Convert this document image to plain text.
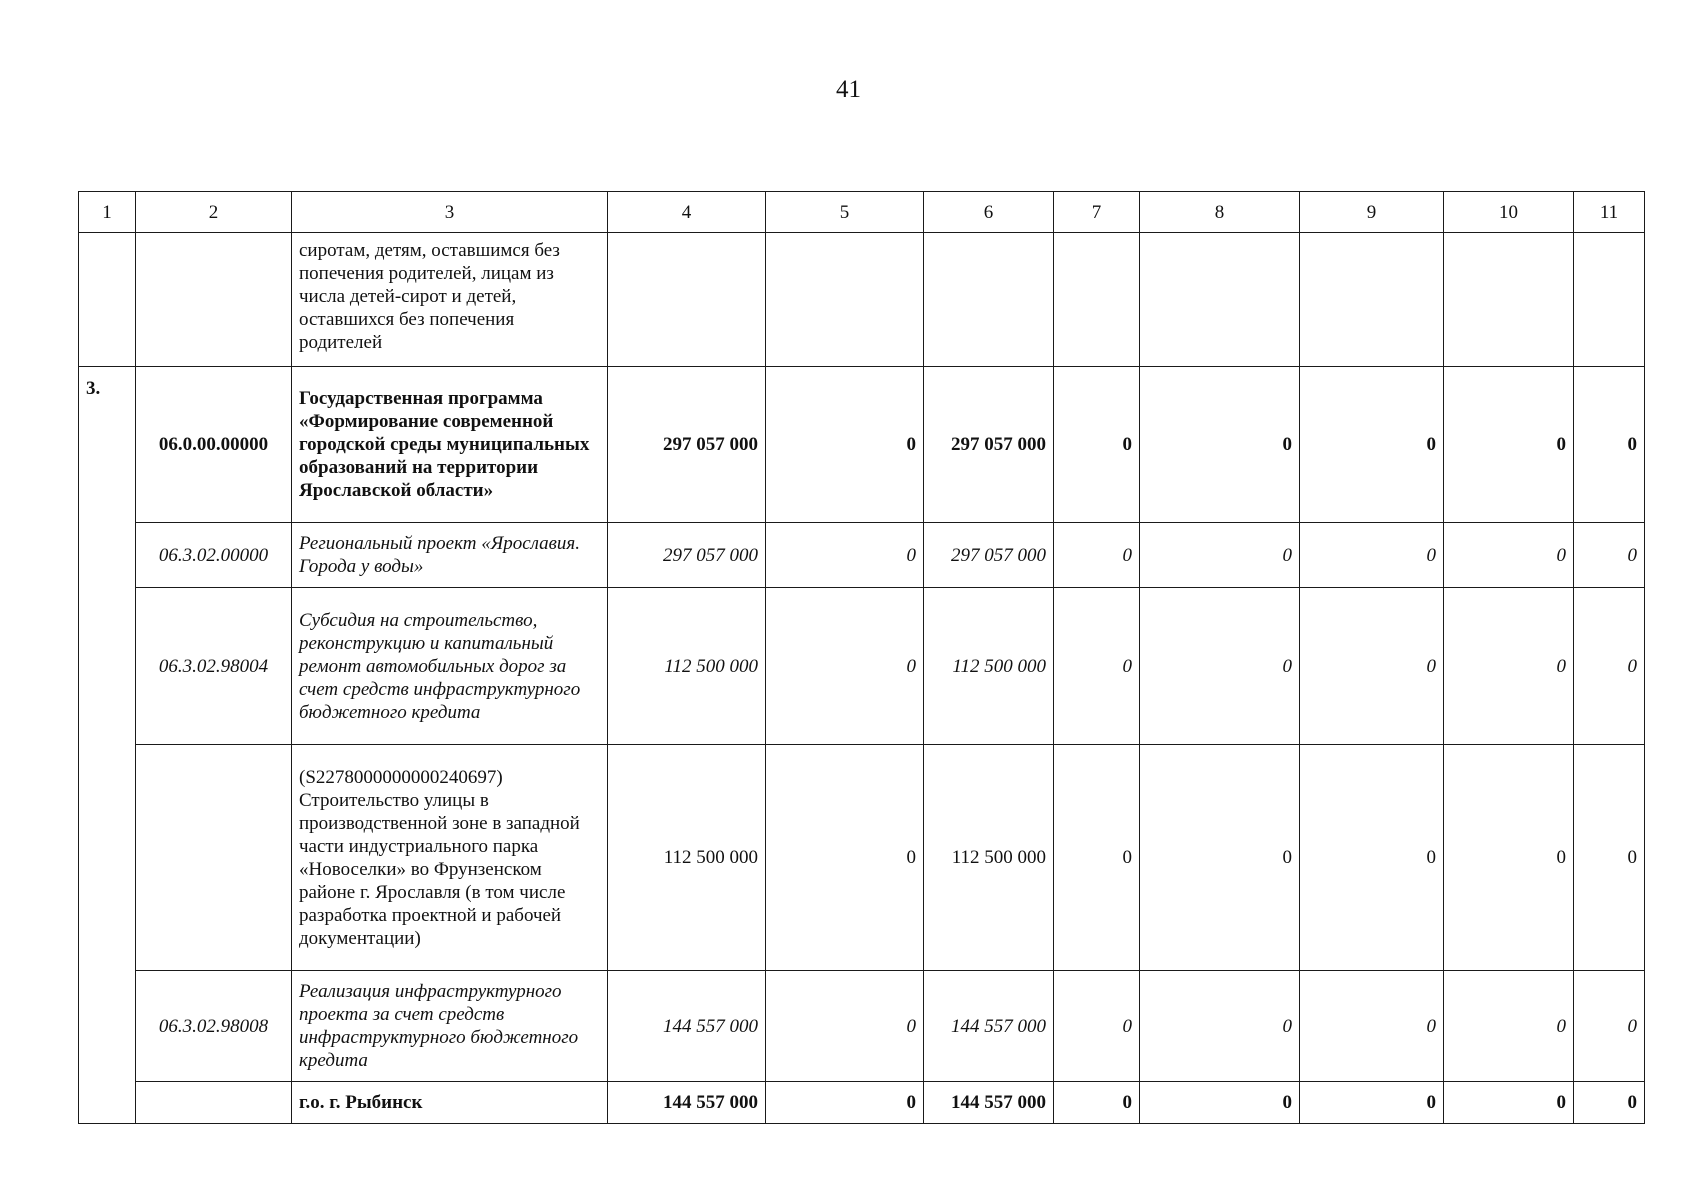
41
1	2	3	4	5	6	7	8	9	10	11
		сиротам, детям, оставшимся без попечения родителей, лицам из числа детей-сирот и детей, оставшихся без попечения родителей								
3.	06.0.00.00000	Государственная программа «Формирование современной городской среды муниципальных образований на территории Ярославской области»	297 057 000	0	297 057 000	0	0	0	0	0
	06.3.02.00000	Региональный проект «Ярославия. Города у воды»	297 057 000	0	297 057 000	0	0	0	0	0
	06.3.02.98004	Субсидия на строительство, реконструкцию и капитальный ремонт автомобильных дорог за счет средств инфраструктурного бюджетного кредита	112 500 000	0	112 500 000	0	0	0	0	0
		(S2278000000000240697) Строительство улицы в производственной зоне в западной части индустриального парка «Новоселки» во Фрунзенском районе г. Ярославля (в том числе разработка проектной и рабочей документации)	112 500 000	0	112 500 000	0	0	0	0	0
	06.3.02.98008	Реализация инфраструктурного проекта за счет средств инфраструктурного бюджетного кредита	144 557 000	0	144 557 000	0	0	0	0	0
		г.о. г. Рыбинск	144 557 000	0	144 557 000	0	0	0	0	0
